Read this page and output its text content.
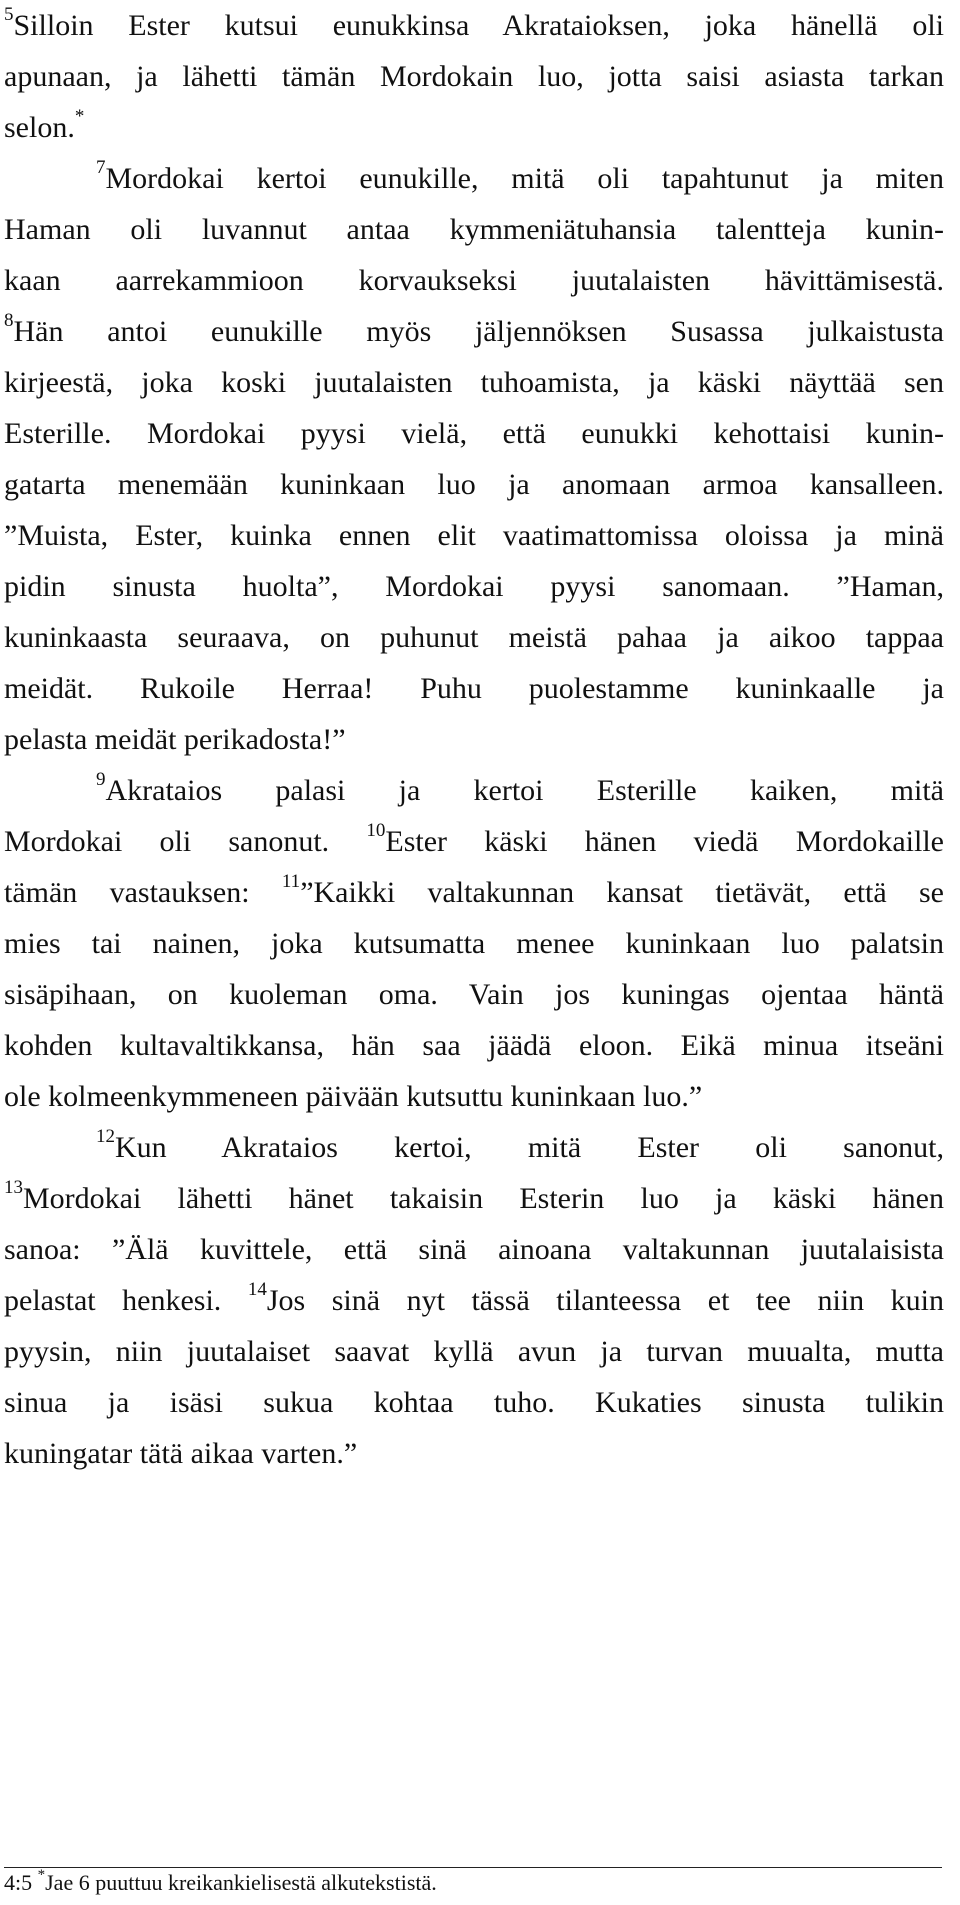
$^5$Silloin Ester kutsui eunukkinsa Akrataioksen, joka hänellä oli
apunaan, ja lähetti tämän Mordokain luo, jotta saisi asiasta tarkan
selon.*
$^7$Mordokai kertoi eunukille, mitä oli tapahtunut ja miten
Haman oli luvannut antaa kymmeniätuhansia talentteja kunin-
kaan aarrekammioon korvaukseksi juutalaisten hävittämisestä.
$^8$Hän antoi eunukille myös jäljennöksen Susassa julkaistusta
kirjeestä, joka koski juutalaisten tuhoamista, ja käski näyttää sen
Esterille. Mordokai pyysi vielä, että eunukki kehottaisi kunin-
gatarta menemään kuninkaan luo ja anomaan armoa kansalleen.
”Muista, Ester, kuinka ennen elit vaatimattomissa oloissa ja minä
pidin sinusta huolta”, Mordokai pyysi sanomaan. ”Haman,
kuninkaasta seuraava, on puhunut meistä pahaa ja aikoo tappaa
meidät. Rukoile Herraa! Puhu puolestamme kuninkaalle ja
pelasta meidät perikadosta!”
$^9$Akrataios palasi ja kertoi Esterille kaiken, mitä
Mordokai oli sanonut. $^{10}$Ester käski hänen viedä Mordokaille
tämän vastauksen: $^{11}$”Kaikki valtakunnan kansat tietävät, että se
mies tai nainen, joka kutsumatta menee kuninkaan luo palatsin
sisäpihaan, on kuoleman oma. Vain jos kuningas ojentaa häntä
kohden kultavaltikkansa, hän saa jäädä eloon. Eikä minua itseäni
ole kolmeenkymmeneen päivään kutsuttu kuninkaan luo.”
$^{12}$Kun Akrataios kertoi, mitä Ester oli sanonut,
$^{13}$Mordokai lähetti hänet takaisin Esterin luo ja käski hänen
sanoa: ”Älä kuvittele, että sinä ainoana valtakunnan juutalaisista
pelastat henkesi. $^{14}$Jos sinä nyt tässä tilanteessa et tee niin kuin
pyysin, niin juutalaiset saavat kyllä avun ja turvan muualta, mutta
sinua ja isäsi sukua kohtaa tuho. Kukaties sinusta tulikin
kuningatar tätä aikaa varten.”
4:5 *Jae 6 puuttuu kreikankielisestä alkutekstistä.
